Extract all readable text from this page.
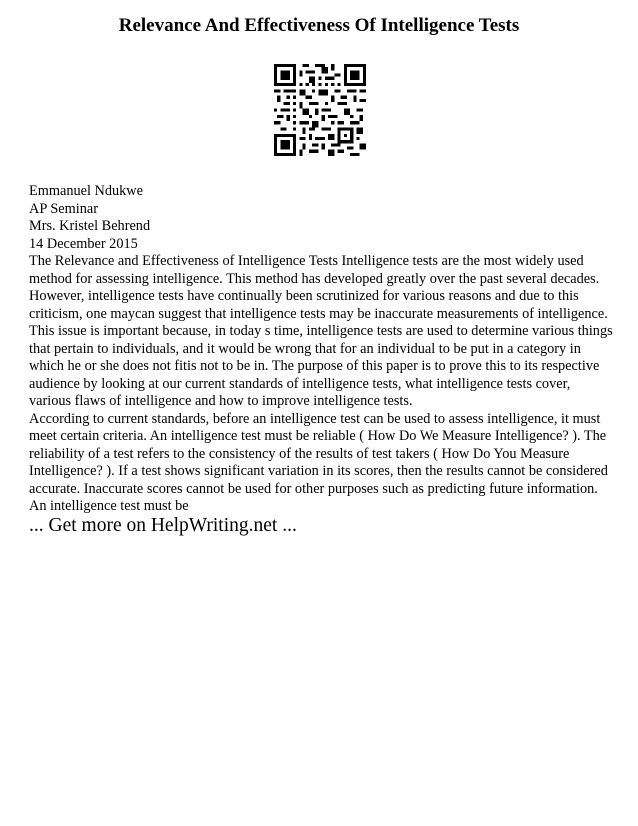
Relevance And Effectiveness Of Intelligence Tests
Emmanuel Ndukwe
AP Seminar
Mrs. Kristel Behrend
14 December 2015

The Relevance and Effectiveness of Intelligence Tests Intelligence tests are the most widely used method for assessing intelligence. This method has developed greatly over the past several decades. However, intelligence tests have continually been scrutinized for various reasons and due to this criticism, one maycan suggest that intelligence tests may be inaccurate measurements of intelligence. This issue is important because, in today s time, intelligence tests are used to determine various things that pertain to individuals, and it would be wrong that for an individual to be put in a category in which he or she does not fitis not to be in. The purpose of this paper is to prove this to its respective audience by looking at our current standards of intelligence tests, what intelligence tests cover, various flaws of intelligence and how to improve intelligence tests.

According to current standards, before an intelligence test can be used to assess intelligence, it must meet certain criteria. An intelligence test must be reliable ( How Do We Measure Intelligence? ). The reliability of a test refers to the consistency of the results of test takers ( How Do You Measure Intelligence? ). If a test shows significant variation in its scores, then the results cannot be considered accurate. Inaccurate scores cannot be used for other purposes such as predicting future information. An intelligence test must be

... Get more on HelpWriting.net ...
